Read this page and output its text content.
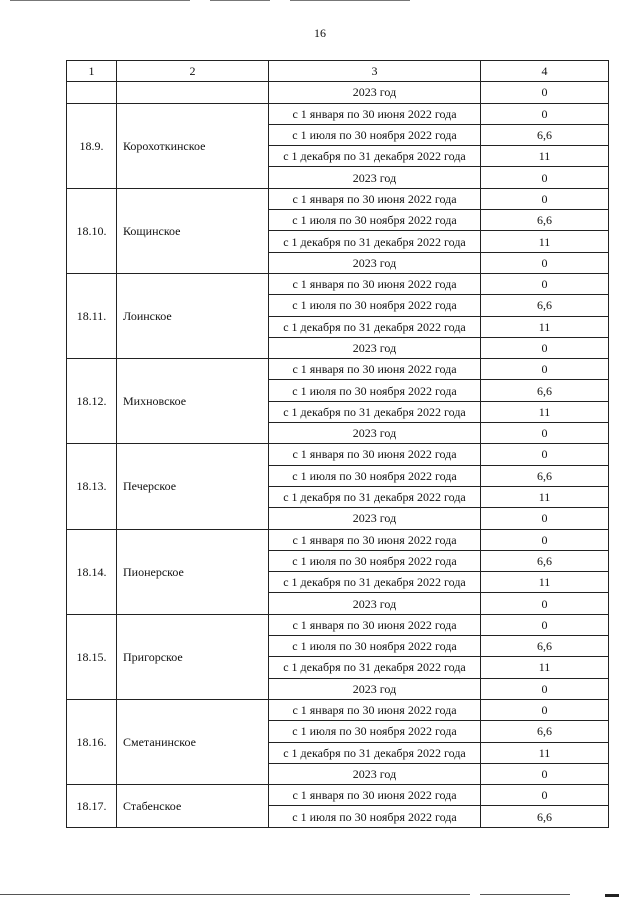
16
1	2	3	4
		2023 год	0
18.9.	Корохоткинское	с 1 января по 30 июня 2022 года	0
		с 1 июля по 30 ноября 2022 года	6,6
		с 1 декабря по 31 декабря 2022 года	11
		2023 год	0
18.10.	Кощинское	с 1 января по 30 июня 2022 года	0
		с 1 июля по 30 ноября 2022 года	6,6
		с 1 декабря по 31 декабря 2022 года	11
		2023 год	0
18.11.	Лоинское	с 1 января по 30 июня 2022 года	0
		с 1 июля по 30 ноября 2022 года	6,6
		с 1 декабря по 31 декабря 2022 года	11
		2023 год	0
18.12.	Михновское	с 1 января по 30 июня 2022 года	0
		с 1 июля по 30 ноября 2022 года	6,6
		с 1 декабря по 31 декабря 2022 года	11
		2023 год	0
18.13.	Печерское	с 1 января по 30 июня 2022 года	0
		с 1 июля по 30 ноября 2022 года	6,6
		с 1 декабря по 31 декабря 2022 года	11
		2023 год	0
18.14.	Пионерское	с 1 января по 30 июня 2022 года	0
		с 1 июля по 30 ноября 2022 года	6,6
		с 1 декабря по 31 декабря 2022 года	11
		2023 год	0
18.15.	Пригорское	с 1 января по 30 июня 2022 года	0
		с 1 июля по 30 ноября 2022 года	6,6
		с 1 декабря по 31 декабря 2022 года	11
		2023 год	0
18.16.	Сметанинское	с 1 января по 30 июня 2022 года	0
		с 1 июля по 30 ноября 2022 года	6,6
		с 1 декабря по 31 декабря 2022 года	11
		2023 год	0
18.17.	Стабенское	с 1 января по 30 июня 2022 года	0
		с 1 июля по 30 ноября 2022 года	6,6
